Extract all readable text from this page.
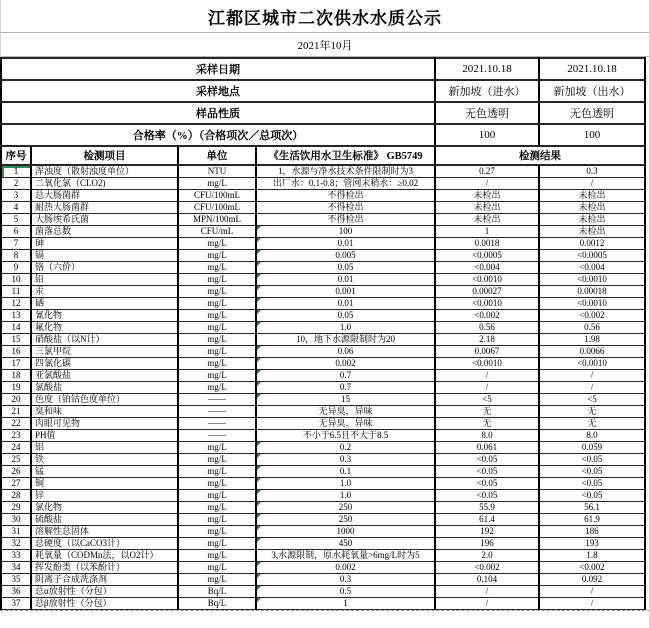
江都区城市二次供水水质公示
2021年10月
采样日期				2021.10.18	2021.10.18
采样地点				新加坡（进水）	新加坡（出水）
样品性质				无色透明	无色透明
合格率（%）（合格项次／总项次）				100	100
序号	检测项目	单位	《生活饮用水卫生标准》 GB5749	检测结果	
1	浑浊度（散射浊度单位）	NTU	1，水源与净水技术条件限制时为3	0.27	0.3
2	二氧化氯（CLO2)	mg/L	出厂水：0.1-0.8；管网末稍水：≥0.02	/	/
3	总大肠菌群	CFU/100mL	不得检出	未检出	未检出
4	耐热大肠菌群	CFU/100mL	不得检出	未检出	未检出
5	大肠埃希氏菌	MPN/100mL	不得检出	未检出	未检出
6	菌落总数	CFU/mL	100	1	未检出
7	砷	mg/L	0.01	0.0018	0.0012
8	镉	mg/L	0.005	<0.0005	<0.0005
9	铬（六价）	mg/L	0.05	<0.004	<0.004
10	铅	mg/L	0.01	<0.0010	<0.0010
11	汞	mg/L	0.001	0.00027	0.00018
12	硒	mg/L	0.01	<0.0010	<0.0010
13	氰化物	mg/L	0.05	<0.002	<0.002
14	氟化物	mg/L	1.0	0.56	0.56
15	硝酸盐（以N计）	mg/L	10，地下水源限制时为20	2.18	1.98
16	三氯甲烷	mg/L	0.06	0.0067	0.0066
17	四氯化碳	mg/L	0.002	<0.0010	<0.0010
18	亚氯酸盐	mg/L	0.7	/	/
19	氯酸盐	mg/L	0.7	/	/
20	色度（铂钴色度单位）	——	15	<5	<5
21	臭和味	——	无异臭，异味	无	无
22	肉眼可见物	——	无异臭，异味	无	无
23	PH值	——	不小于6.5且不大于8.5	8.0	8.0
24	铝	mg/L	0.2	0.061	0.059
25	铁	mg/L	0.3	<0.05	<0.05
26	锰	mg/L	0.1	<0.05	<0.05
27	铜	mg/L	1.0	<0.05	<0.05
28	锌	mg/L	1.0	<0.05	<0.05
29	氯化物	mg/L	250	55.9	56.1
30	硫酸盐	mg/L	250	61.4	61.9
31	溶解性总固体	mg/L	1000	192	186
32	总硬度（以CaCO3计）	mg/L	450	196	193
33	耗氧量（CODMn法，以O2计）	mg/L	3,水源限制，原水耗氧量>6mg/L时为5	2.0	1.8
34	挥发酚类（以苯酚计）	mg/L	0.002	<0.002	<0.002
35	阴离子合成洗涤剂	mg/L	0.3	0.104	0.092
36	总α放射性（分包）	Bq/L	0.5	/	/
37	总β放射性（分包）	Bq/L	1	/	/
